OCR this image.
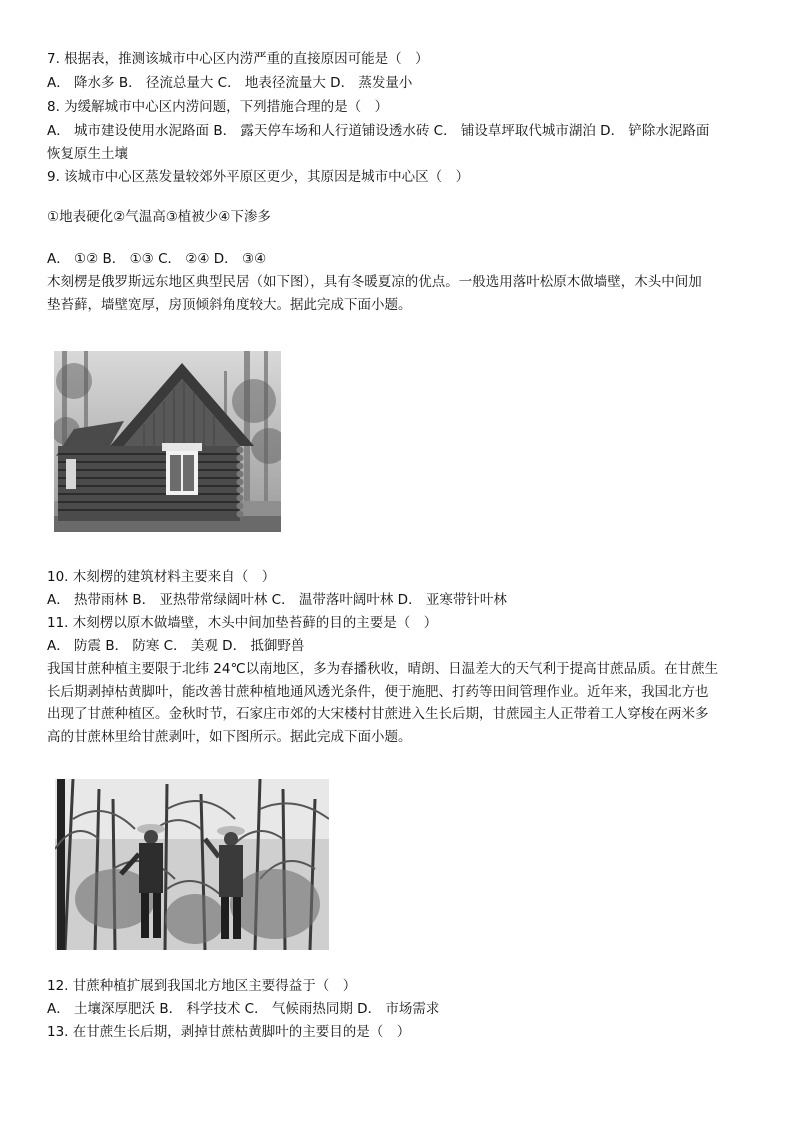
7. 根据表，推测该城市中心区内涝严重的直接原因可能是（　）
A． 降水多 B． 径流总量大 C． 地表径流量大 D． 蒸发量小
8. 为缓解城市中心区内涝问题，下列措施合理的是（　）
A． 城市建设使用水泥路面 B． 露天停车场和人行道铺设透水砖 C． 铺设草坪取代城市湖泊 D． 铲除水泥路面
恢复原生土壤
9. 该城市中心区蒸发量较郊外平原区更少，其原因是城市中心区（　）
①地表硬化②气温高③植被少④下渗多
A． ①② B． ①③ C． ②④ D． ③④
木刻楞是俄罗斯远东地区典型民居（如下图），具有冬暖夏凉的优点。一般选用落叶松原木做墙壁，木头中间加
垫苔藓，墙壁宽厚，房顶倾斜角度较大。据此完成下面小题。
10. 木刻楞的建筑材料主要来自（　）
A． 热带雨林 B． 亚热带常绿阔叶林 C． 温带落叶阔叶林 D． 亚寒带针叶林
11. 木刻楞以原木做墙壁，木头中间加垫苔藓的目的主要是（　）
A． 防震 B． 防寒 C． 美观 D． 抵御野兽
我国甘蔗种植主要限于北纬 24℃以南地区，多为春播秋收，晴朗、日温差大的天气利于提高甘蔗品质。在甘蔗生
长后期剥掉枯黄脚叶，能改善甘蔗种植地通风透光条件，便于施肥、打药等田间管理作业。近年来，我国北方也
出现了甘蔗种植区。金秋时节，石家庄市郊的大宋楼村甘蔗进入生长后期，甘蔗园主人正带着工人穿梭在两米多
高的甘蔗林里给甘蔗剥叶，如下图所示。据此完成下面小题。
12. 甘蔗种植扩展到我国北方地区主要得益于（　）
A． 土壤深厚肥沃 B． 科学技术 C． 气候雨热同期 D． 市场需求
13. 在甘蔗生长后期，剥掉甘蔗枯黄脚叶的主要目的是（　）
